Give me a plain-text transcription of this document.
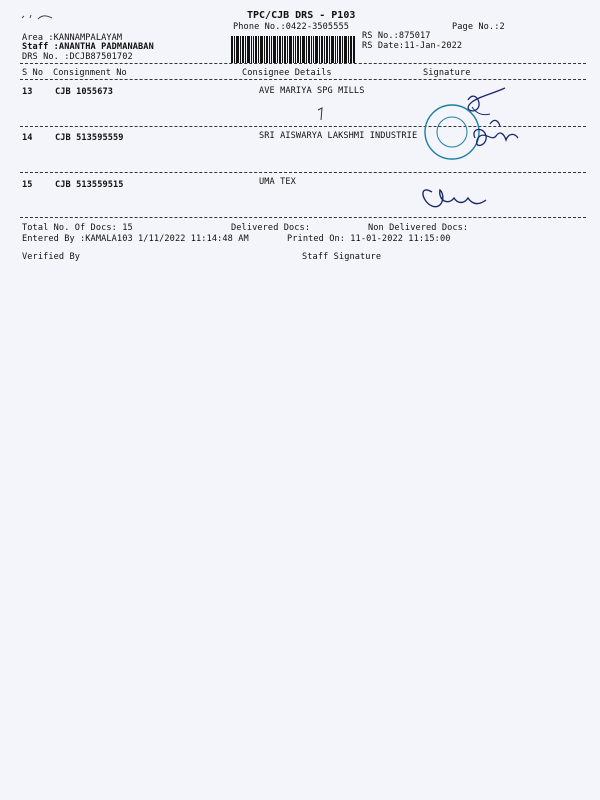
TPC/CJB DRS - P103
Phone No.:0422-3505555	Page No.:2
Area :KANNAMPALAYAM
Staff :ANANTHA PADMANABAN
DRS No. :DCJB87501702
RS No.:875017
RS Date:11-Jan-2022
S No Consignment No	Consignee Details	Signature
13	CJB 1055673	AVE MARIYA SPG MILLS
14	CJB 513595559	SRI AISWARYA LAKSHMI INDUSTRIE
15	CJB 513559515	UMA TEX
Total No. Of Docs: 15	Delivered Docs:	Non Delivered Docs:
Entered By :KAMALA103 1/11/2022 11:14:48 AM	Printed On: 11-01-2022 11:15:00
Verified By	Staff Signature
